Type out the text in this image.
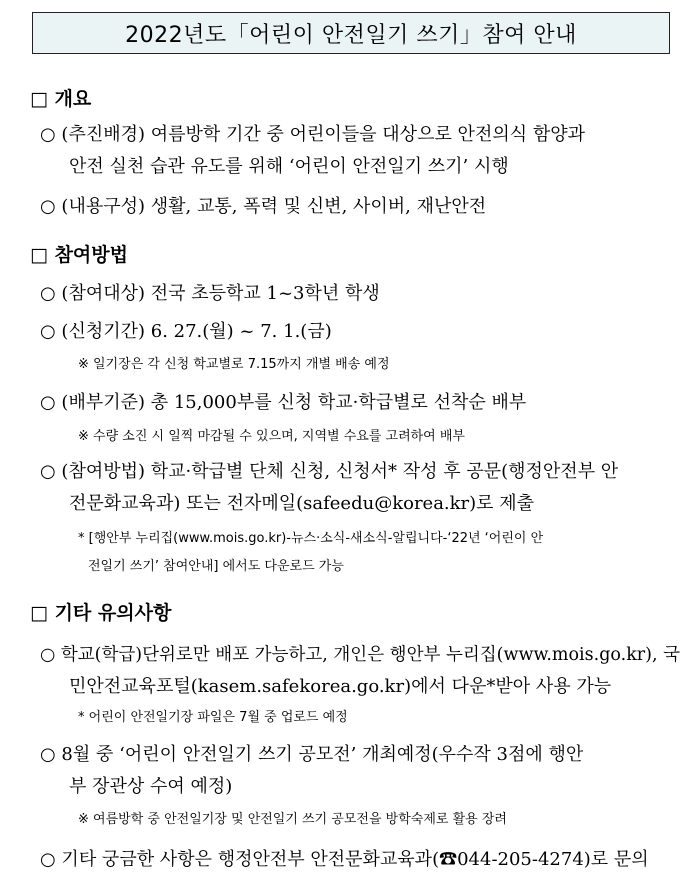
2022년도「어린이 안전일기 쓰기」참여 안내
□ 개요
○ (추진배경) 여름방학 기간 중 어린이들을 대상으로 안전의식 함양과
안전 실천 습관 유도를 위해 ‘어린이 안전일기 쓰기’ 시행
○ (내용구성) 생활, 교통, 폭력 및 신변, 사이버, 재난안전
□ 참여방법
○ (참여대상) 전국 초등학교 1~3학년 학생
○ (신청기간) 6. 27.(월) ~ 7. 1.(금)
※ 일기장은 각 신청 학교별로 7.15까지 개별 배송 예정
○ (배부기준) 총 15,000부를 신청 학교·학급별로 선착순 배부
※ 수량 소진 시 일찍 마감될 수 있으며, 지역별 수요를 고려하여 배부
○ (참여방법) 학교·학급별 단체 신청, 신청서* 작성 후 공문(행정안전부 안
전문화교육과) 또는 전자메일(safeedu@korea.kr)로 제출
* [행안부 누리집(www.mois.go.kr)-뉴스·소식-새소식-알립니다-‘22년 ‘어린이 안
전일기 쓰기’ 참여안내] 에서도 다운로드 가능
□ 기타 유의사항
○ 학교(학급)단위로만 배포 가능하고, 개인은 행안부 누리집(www.mois.go.kr), 국
민안전교육포털(kasem.safekorea.go.kr)에서 다운*받아 사용 가능
* 어린이 안전일기장 파일은 7월 중 업로드 예정
○ 8월 중 ‘어린이 안전일기 쓰기 공모전’ 개최예정(우수작 3점에 행안
부 장관상 수여 예정)
※ 여름방학 중 안전일기장 및 안전일기 쓰기 공모전을 방학숙제로 활용 장려
○ 기타 궁금한 사항은 행정안전부 안전문화교육과(☎044-205-4274)로 문의
